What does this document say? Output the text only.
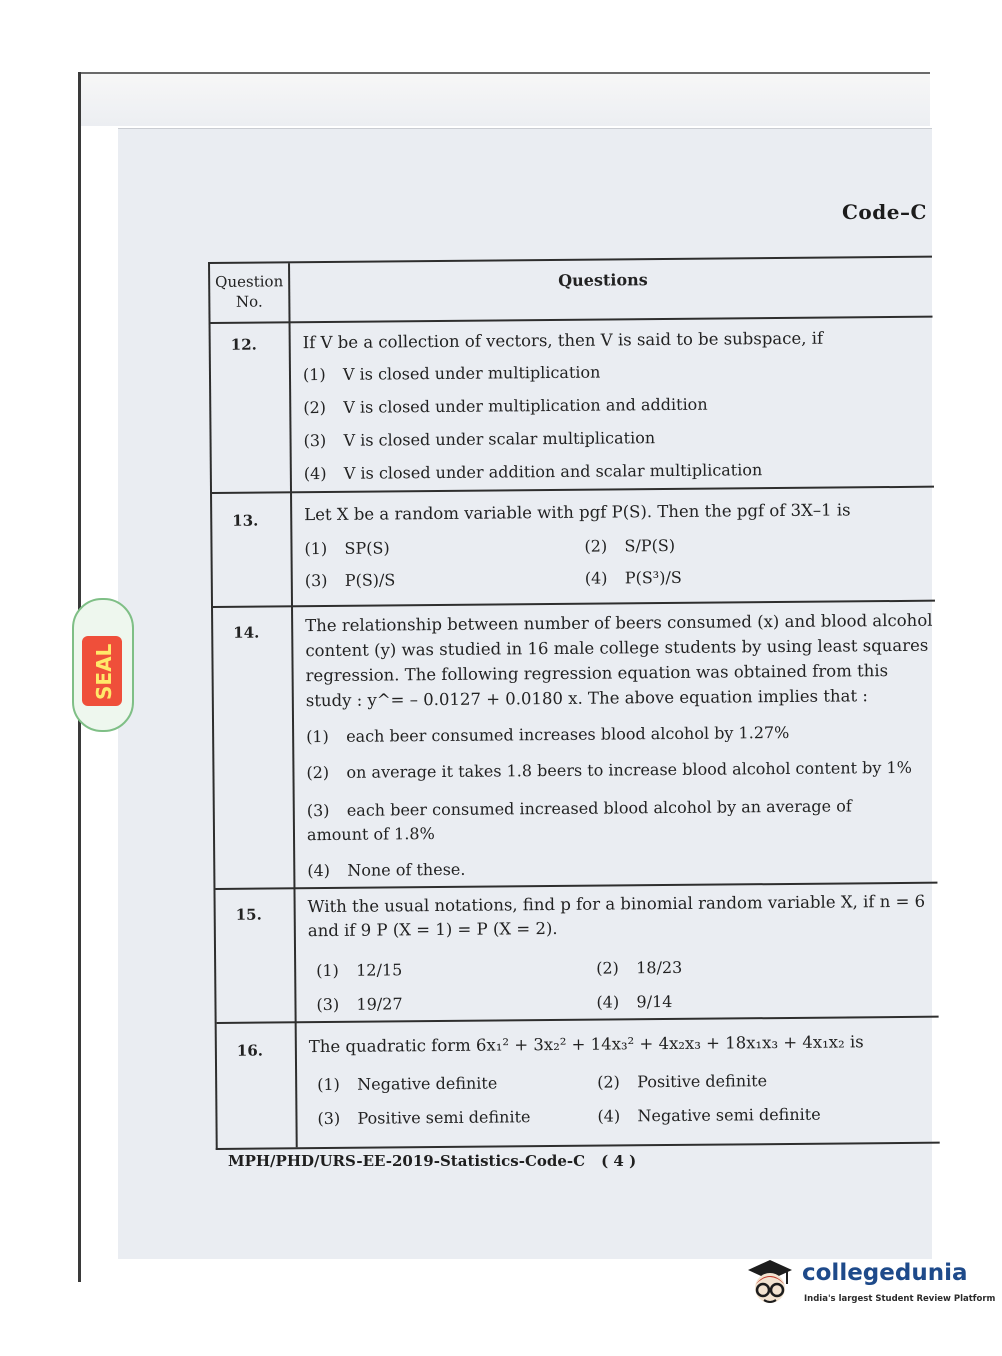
Code–C
Question No.
Questions
12.	If V be a collection of vectors, then V is said to be subspace, if
(1) V is closed under multiplication
(2) V is closed under multiplication and addition
(3) V is closed under scalar multiplication
(4) V is closed under addition and scalar multiplication
13.	Let X be a random variable with pgf P(S). Then the pgf of 3X–1 is
(1) SP(S)	(2) S/P(S)
(3) P(S)/S	(4) P(S³)/S
14.	The relationship between number of beers consumed (x) and blood alcohol content (y) was studied in 16 male college students by using least squares regression. The following regression equation was obtained from this study : y^= – 0.0127 + 0.0180 x. The above equation implies that :
(1) each beer consumed increases blood alcohol by 1.27%
(2) on average it takes 1.8 beers to increase blood alcohol content by 1%
(3) each beer consumed increased blood alcohol by an average of amount of 1.8%
(4) None of these.
15.	With the usual notations, find p for a binomial random variable X, if n = 6 and if 9 P (X = 1) = P (X = 2).
(1) 12/15	(2) 18/23
(3) 19/27	(4) 9/14
16.	The quadratic form 6x₁² + 3x₂² + 14x₃² + 4x₂x₃ + 18x₁x₃ + 4x₁x₂ is
(1) Negative definite	(2) Positive definite
(3) Positive semi definite	(4) Negative semi definite
SEAL
MPH/PHD/URS-EE-2019-Statistics-Code-C ( 4 )
collegedunia
India's largest Student Review Platform
